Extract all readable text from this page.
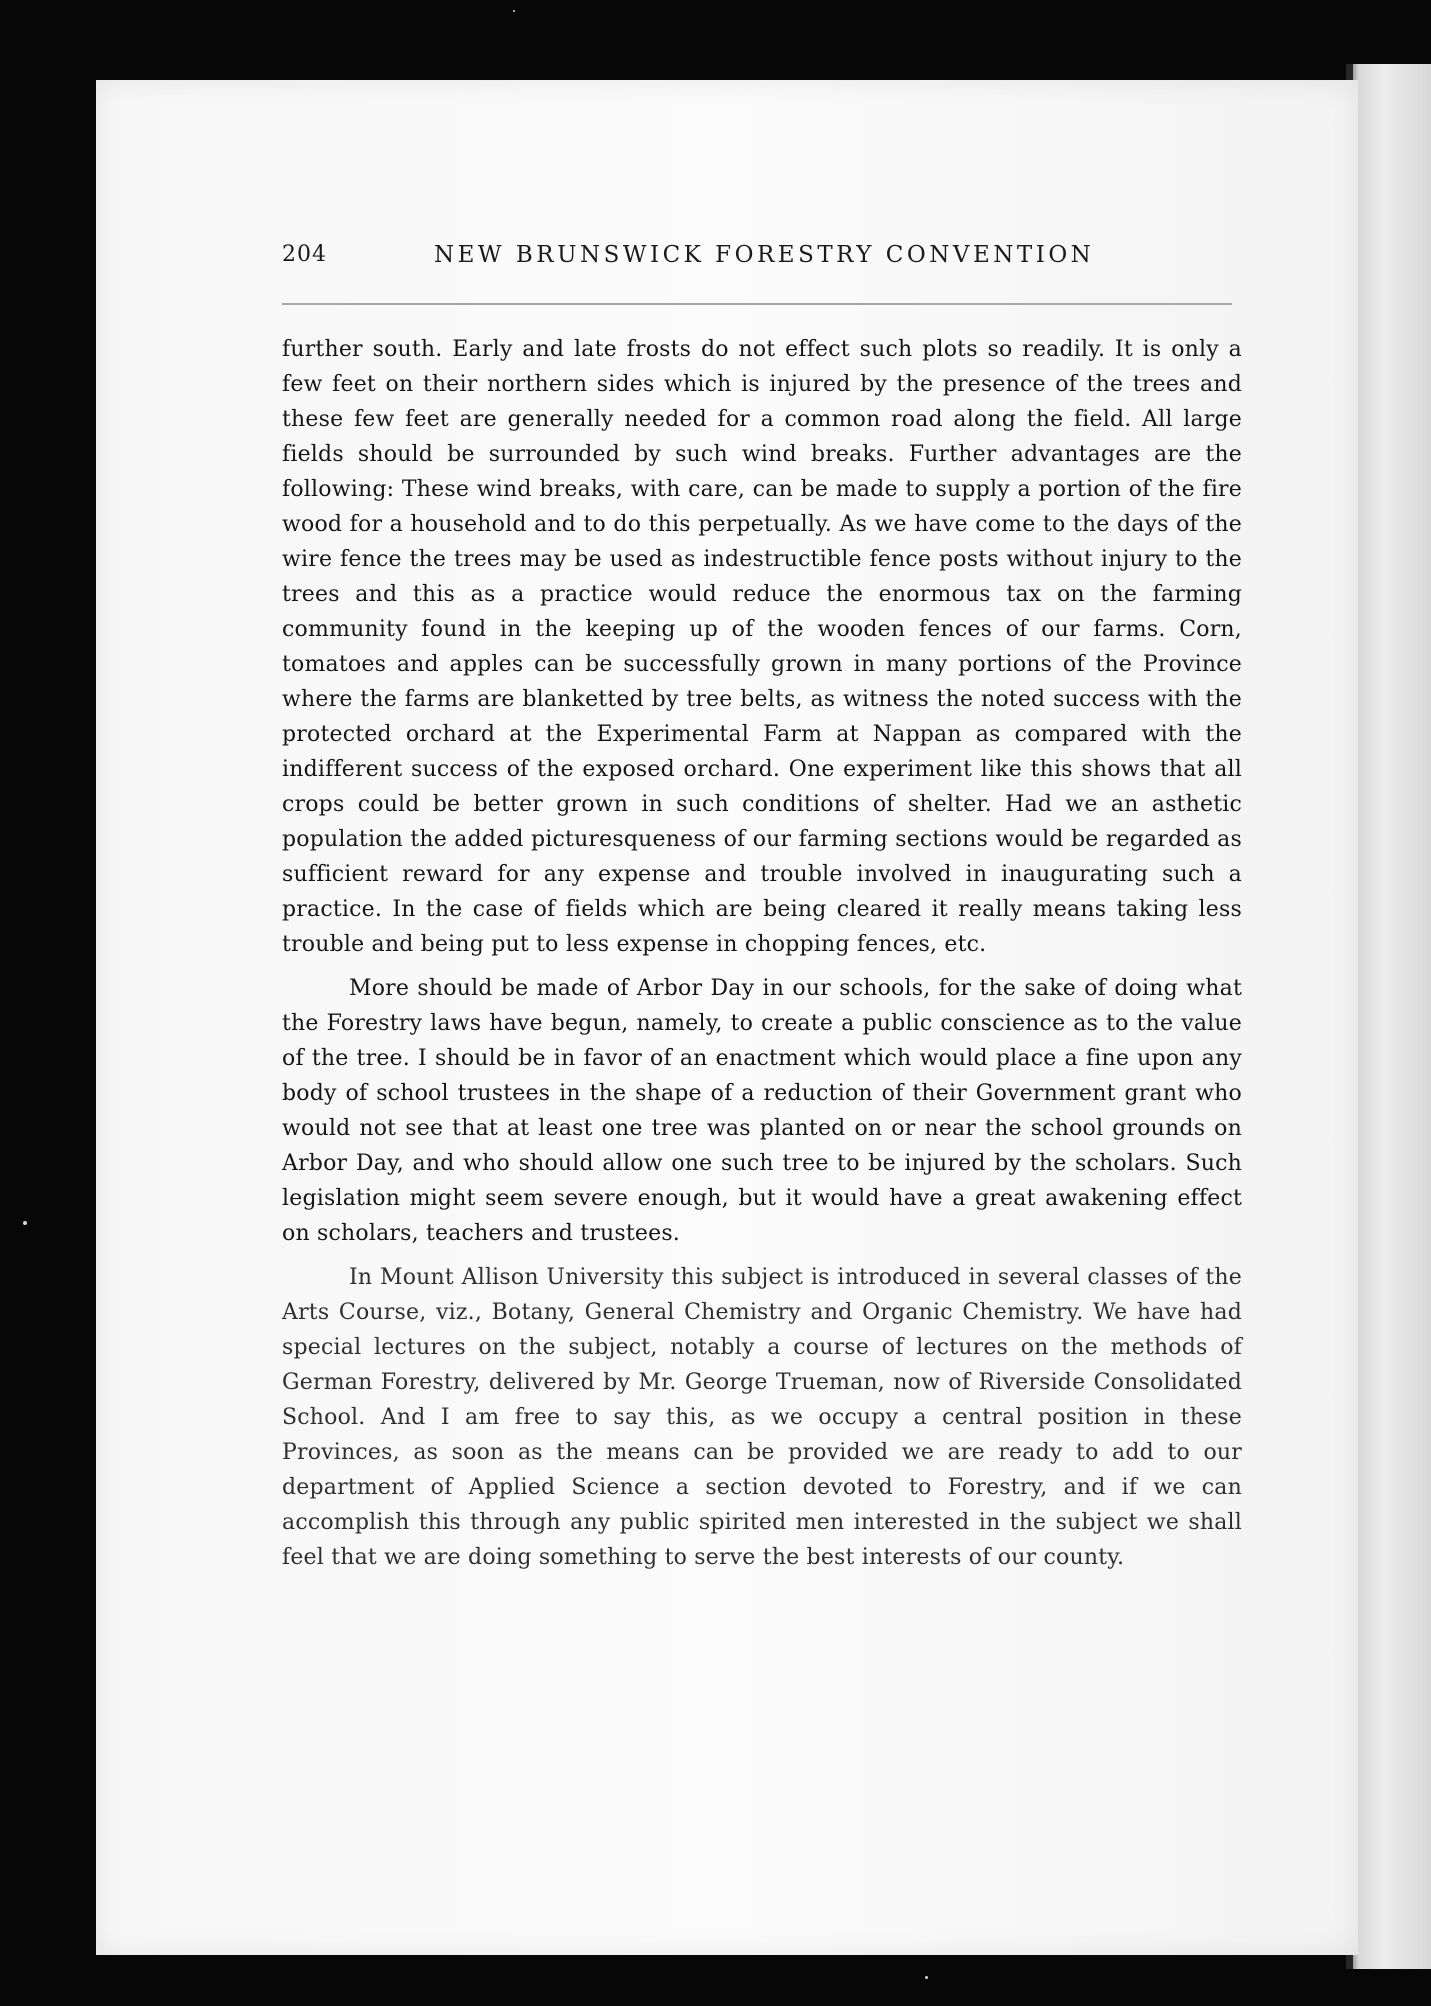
204	NEW BRUNSWICK FORESTRY CONVENTION

further south. Early and late frosts do not effect such plots so readily. It is only a few feet on their northern sides which is injured by the presence of the trees and these few feet are generally needed for a common road along the field. All large fields should be surrounded by such wind breaks. Further advantages are the following: These wind breaks, with care, can be made to supply a portion of the fire wood for a household and to do this perpetually. As we have come to the days of the wire fence the trees may be used as indestructible fence posts without injury to the trees and this as a practice would reduce the enormous tax on the farming community found in the keeping up of the wooden fences of our farms. Corn, tomatoes and apples can be successfully grown in many portions of the Province where the farms are blanketted by tree belts, as witness the noted success with the protected orchard at the Experimental Farm at Nappan as compared with the indifferent success of the exposed orchard. One experiment like this shows that all crops could be better grown in such conditions of shelter. Had we an asthetic population the added picturesqueness of our farming sections would be regarded as sufficient reward for any expense and trouble involved in inaugurating such a practice. In the case of fields which are being cleared it really means taking less trouble and being put to less expense in chopping fences, etc.

More should be made of Arbor Day in our schools, for the sake of doing what the Forestry laws have begun, namely, to create a public conscience as to the value of the tree. I should be in favor of an enactment which would place a fine upon any body of school trustees in the shape of a reduction of their Government grant who would not see that at least one tree was planted on or near the school grounds on Arbor Day, and who should allow one such tree to be injured by the scholars. Such legislation might seem severe enough, but it would have a great awakening effect on scholars, teachers and trustees.

In Mount Allison University this subject is introduced in several classes of the Arts Course, viz., Botany, General Chemistry and Organic Chemistry. We have had special lectures on the subject, notably a course of lectures on the methods of German Forestry, delivered by Mr. George Trueman, now of Riverside Consolidated School. And I am free to say this, as we occupy a central position in these Provinces, as soon as the means can be provided we are ready to add to our department of Applied Science a section devoted to Forestry, and if we can accomplish this through any public spirited men interested in the subject we shall feel that we are doing something to serve the best interests of our county.
